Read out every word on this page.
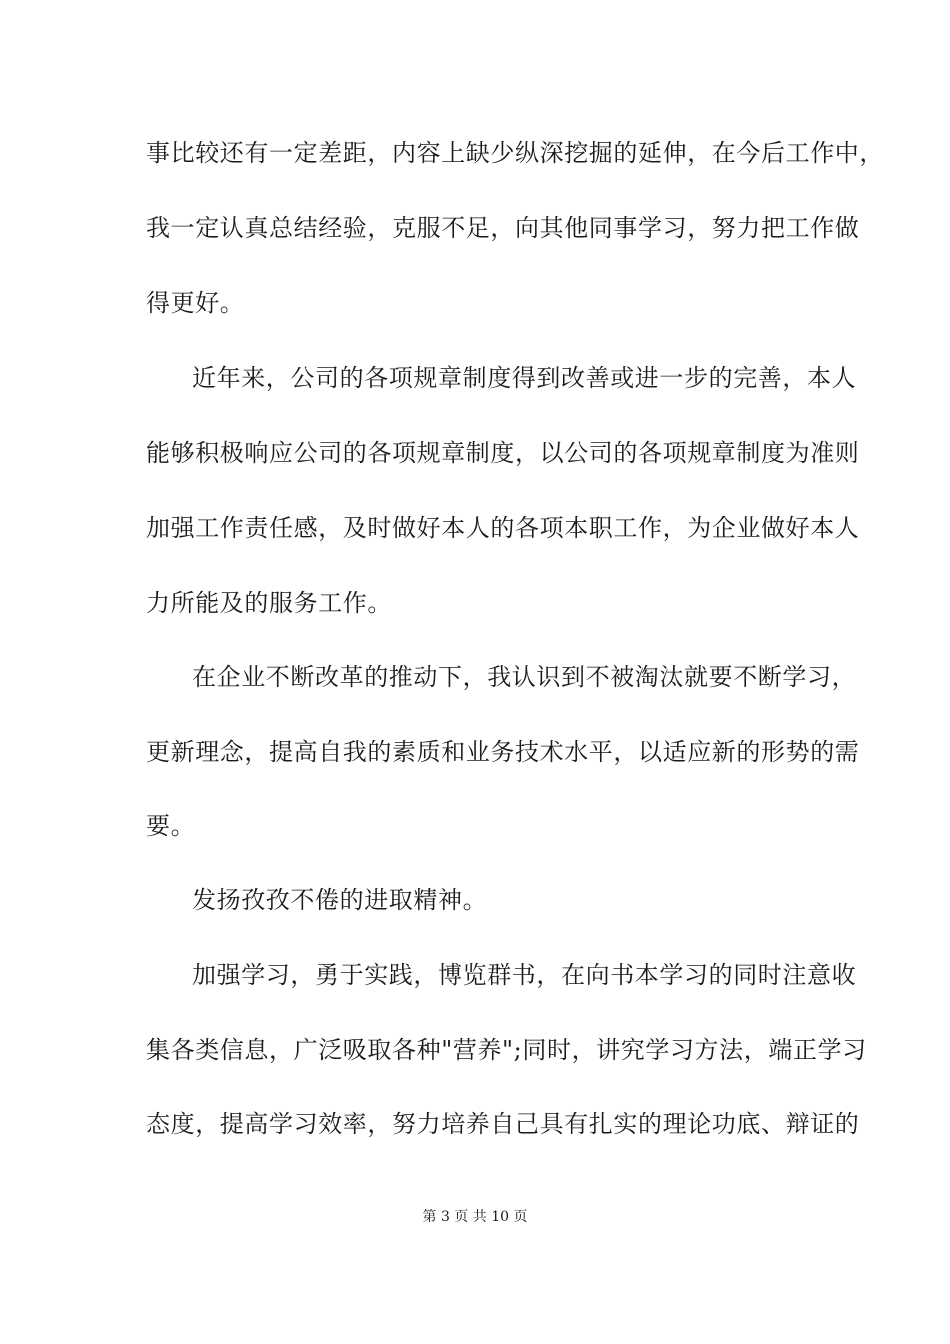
事比较还有一定差距，内容上缺少纵深挖掘的延伸，在今后工作中，
我一定认真总结经验，克服不足，向其他同事学习，努力把工作做
得更好。
近年来，公司的各项规章制度得到改善或进一步的完善，本人
能够积极响应公司的各项规章制度，以公司的各项规章制度为准则
加强工作责任感，及时做好本人的各项本职工作，为企业做好本人
力所能及的服务工作。
在企业不断改革的推动下，我认识到不被淘汰就要不断学习，
更新理念，提高自我的素质和业务技术水平，以适应新的形势的需
要。
发扬孜孜不倦的进取精神。
加强学习，勇于实践，博览群书，在向书本学习的同时注意收
集各类信息，广泛吸取各种"营养";同时，讲究学习方法，端正学习
态度，提高学习效率，努力培养自己具有扎实的理论功底、辩证的
第 3 页 共 10 页
